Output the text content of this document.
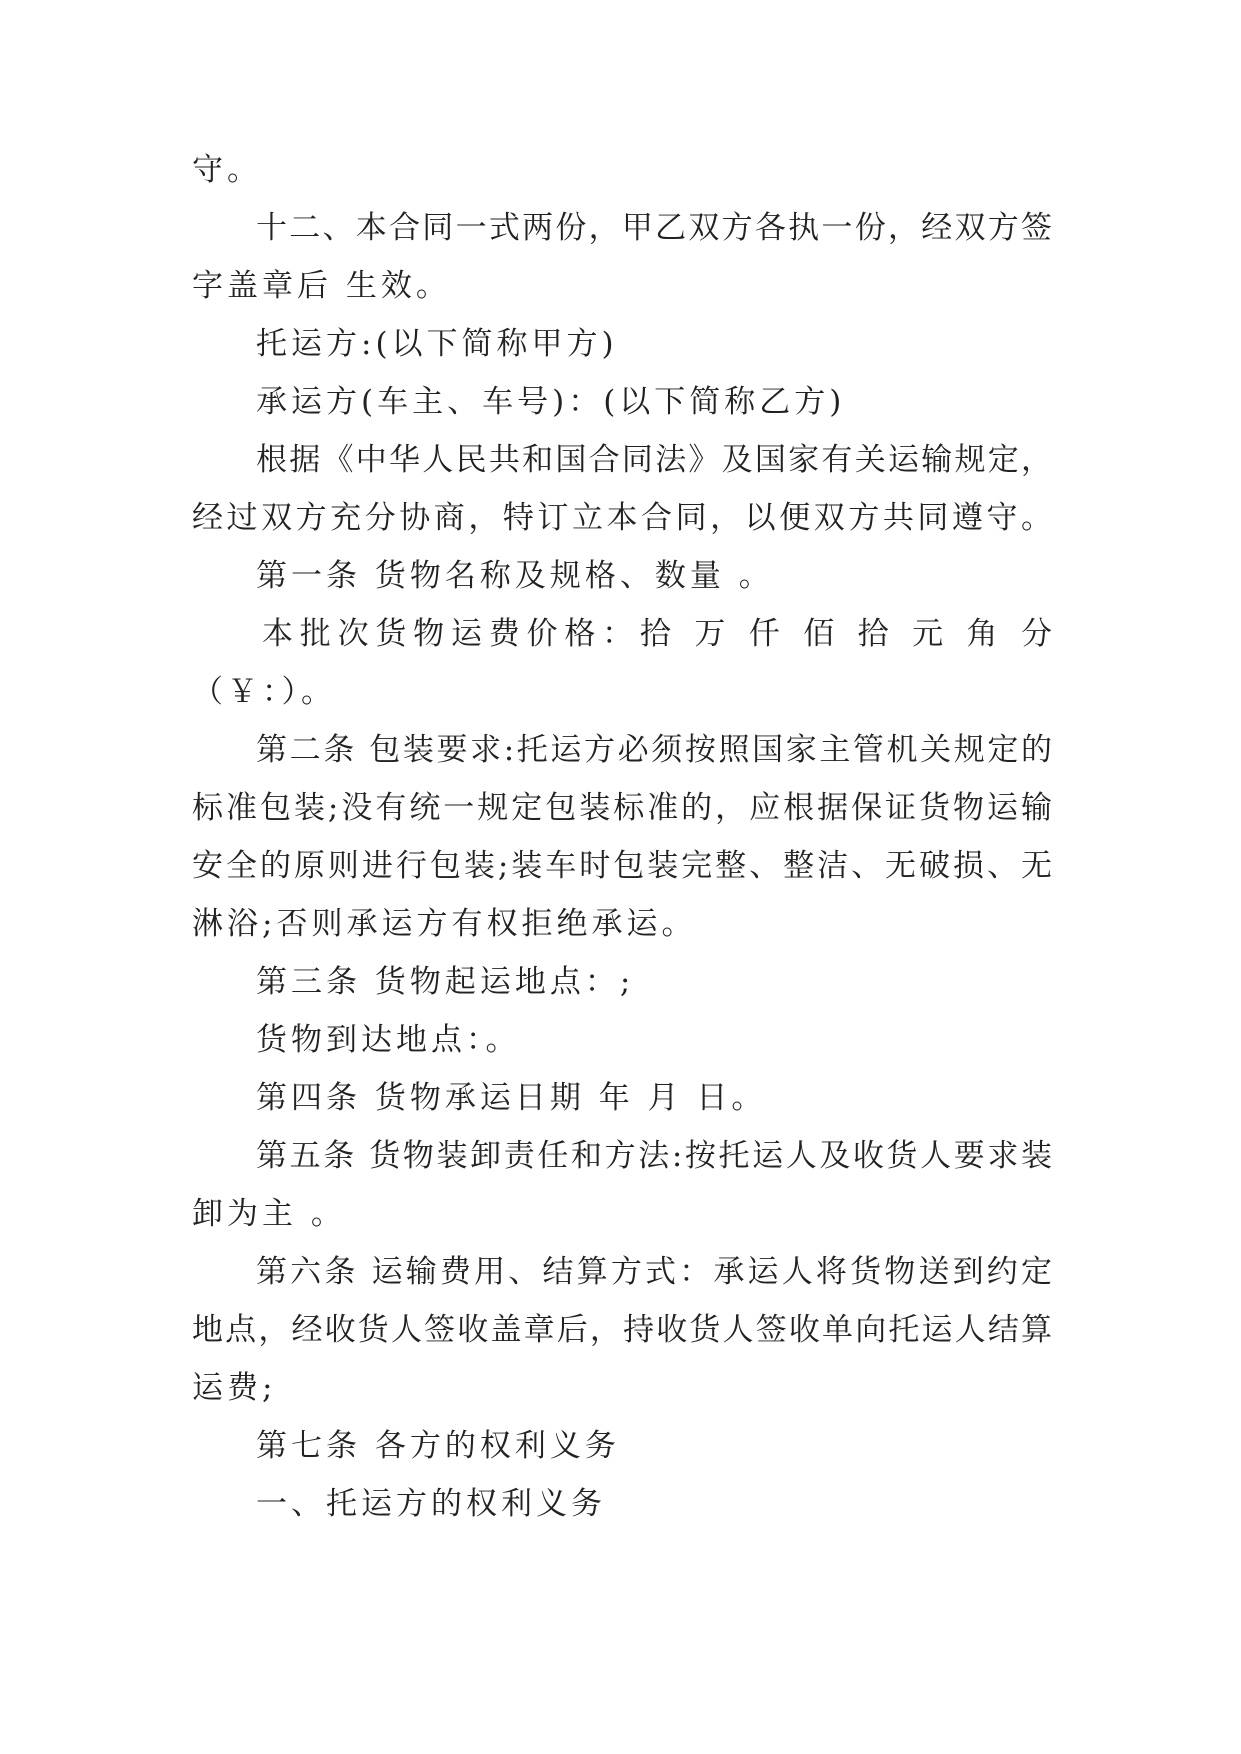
守。
十二、本合同一式两份，甲乙双方各执一份，经双方签
字盖章后 生效。
托运方:(以下简称甲方)
承运方(车主、车号)：(以下简称乙方)
根据《中华人民共和国合同法》及国家有关运输规定，
经过双方充分协商，特订立本合同，以便双方共同遵守。
第一条 货物名称及规格、数量 。
本批次货物运费价格：拾 万 仟 佰 拾 元 角 分
（￥：）。
第二条 包装要求:托运方必须按照国家主管机关规定的
标准包装;没有统一规定包装标准的，应根据保证货物运输
安全的原则进行包装;装车时包装完整、整洁、无破损、无
淋浴;否则承运方有权拒绝承运。
第三条 货物起运地点：;
货物到达地点：。
第四条 货物承运日期 年 月 日。
第五条 货物装卸责任和方法:按托运人及收货人要求装
卸为主 。
第六条 运输费用、结算方式：承运人将货物送到约定
地点，经收货人签收盖章后，持收货人签收单向托运人结算
运费;
第七条 各方的权利义务
一、托运方的权利义务
